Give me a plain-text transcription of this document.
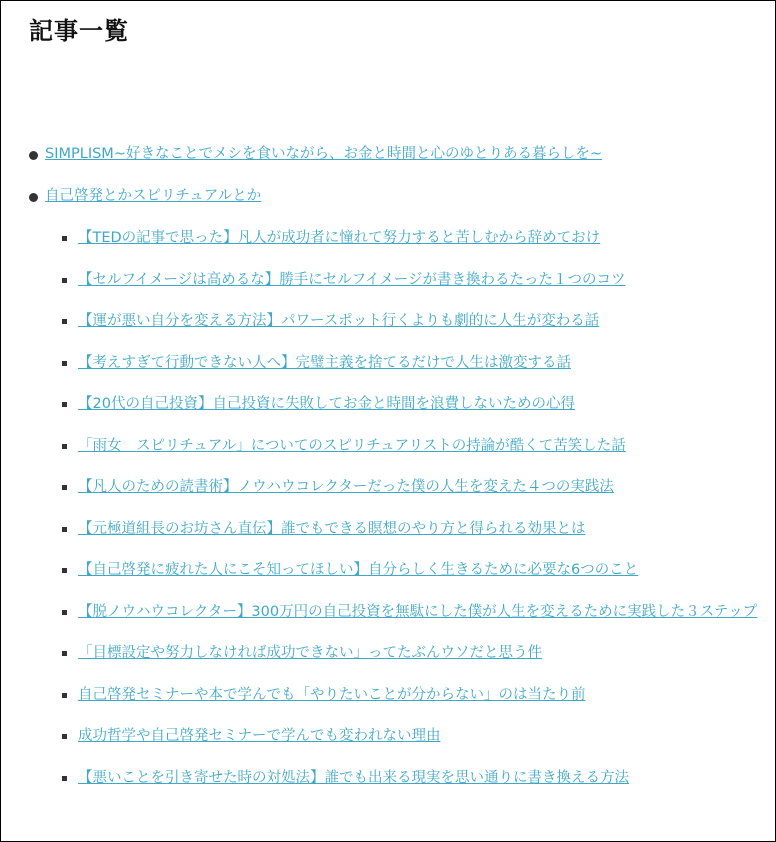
記事一覧
SIMPLISM~好きなことでメシを食いながら、お金と時間と心のゆとりある暮らしを~
自己啓発とかスピリチュアルとか
【TEDの記事で思った】凡人が成功者に憧れて努力すると苦しむから辞めておけ
【セルフイメージは高めるな】勝手にセルフイメージが書き換わるたった１つのコツ
【運が悪い自分を変える方法】パワースポット行くよりも劇的に人生が変わる話
【考えすぎて行動できない人へ】完璧主義を捨てるだけで人生は激変する話
【20代の自己投資】自己投資に失敗してお金と時間を浪費しないための心得
「雨女　スピリチュアル」についてのスピリチュアリストの持論が酷くて苦笑した話
【凡人のための読書術】ノウハウコレクターだった僕の人生を変えた４つの実践法
【元極道組長のお坊さん直伝】誰でもできる瞑想のやり方と得られる効果とは
【自己啓発に疲れた人にこそ知ってほしい】自分らしく生きるために必要な6つのこと
【脱ノウハウコレクター】300万円の自己投資を無駄にした僕が人生を変えるために実践した３ステップ
「目標設定や努力しなければ成功できない」ってたぶんウソだと思う件
自己啓発セミナーや本で学んでも「やりたいことが分からない」のは当たり前
成功哲学や自己啓発セミナーで学んでも変われない理由
【悪いことを引き寄せた時の対処法】誰でも出来る現実を思い通りに書き換える方法
